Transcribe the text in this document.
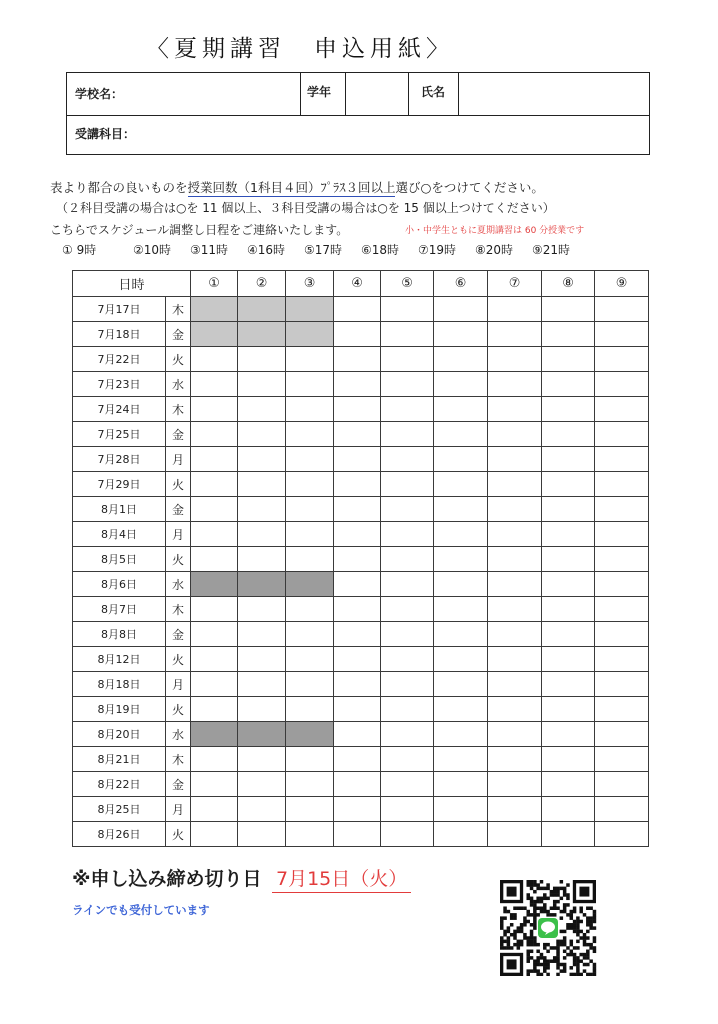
〈夏期講習　申込用紙〉
学校名：	学年	氏名
受講科目：
表より都合の良いものを授業回数（1科目４回）ﾌﾟﾗｽ３回以上選び○をつけてください。
（２科目受講の場合は○を 11 個以上、３科目受講の場合は○を 15 個以上つけてください）
こちらでスケジュール調整し日程をご連絡いたします。	小・中学生ともに夏期講習は 60 分授業です
① 9時	②10時 ③11時 ④16時 ⑤17時 ⑥18時 ⑦19時 ⑧20時 ⑨21時
日時		①	②	③	④	⑤	⑥	⑦	⑧	⑨
7月17日	木									
7月18日	金									
7月22日	火									
7月23日	水									
7月24日	木									
7月25日	金									
7月28日	月									
7月29日	火									
8月1日	金									
8月4日	月									
8月5日	火									
8月6日	水									
8月7日	木									
8月8日	金									
8月12日	火									
8月18日	月									
8月19日	火									
8月20日	水									
8月21日	木									
8月22日	金									
8月25日	月									
8月26日	火									
※申し込み締め切り日 7月15日（火）
ラインでも受付しています
